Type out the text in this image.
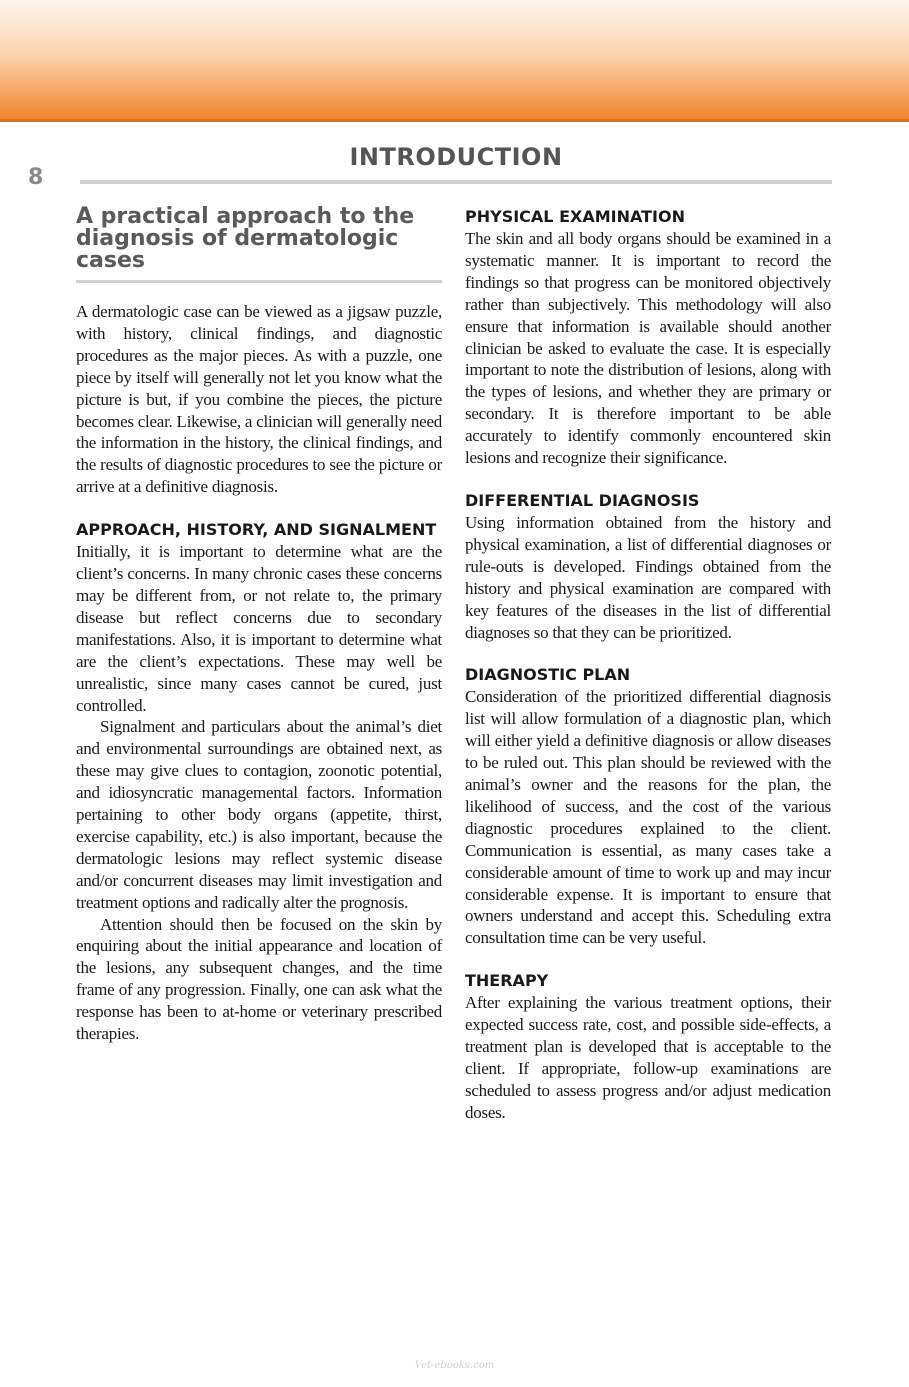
8
INTRODUCTION
A practical approach to the diagnosis of dermatologic cases

A dermatologic case can be viewed as a jigsaw puzzle, with history, clinical findings, and diagnostic procedures as the major pieces. As with a puzzle, one piece by itself will generally not let you know what the picture is but, if you combine the pieces, the picture becomes clear. Likewise, a clinician will generally need the information in the history, the clinical findings, and the results of diagnostic procedures to see the picture or arrive at a definitive diagnosis.

APPROACH, HISTORY, AND SIGNALMENT

Initially, it is important to determine what are the client’s concerns. In many chronic cases these concerns may be different from, or not relate to, the primary disease but reflect concerns due to secondary manifestations. Also, it is important to determine what are the client’s expectations. These may well be unrealistic, since many cases cannot be cured, just controlled.

Signalment and particulars about the animal’s diet and environmental surroundings are obtained next, as these may give clues to contagion, zoonotic potential, and idiosyncratic managemental factors. Information pertaining to other body organs (appetite, thirst, exercise capability, etc.) is also important, because the dermatologic lesions may reflect systemic disease and/or concurrent diseases may limit investigation and treatment options and radically alter the prognosis.

Attention should then be focused on the skin by enquiring about the initial appearance and location of the lesions, any subsequent changes, and the time frame of any progression. Finally, one can ask what the response has been to at-home or veterinary prescribed therapies.

PHYSICAL EXAMINATION

The skin and all body organs should be examined in a systematic manner. It is important to record the findings so that progress can be monitored objectively rather than subjectively. This methodology will also ensure that information is available should another clinician be asked to evaluate the case. It is especially important to note the distribution of lesions, along with the types of lesions, and whether they are primary or secondary. It is therefore important to be able accurately to identify commonly encountered skin lesions and recognize their significance.

DIFFERENTIAL DIAGNOSIS

Using information obtained from the history and physical examination, a list of differential diagnoses or rule-outs is developed. Findings obtained from the history and physical examination are compared with key features of the diseases in the list of differential diagnoses so that they can be prioritized.

DIAGNOSTIC PLAN

Consideration of the prioritized differential diagnosis list will allow formulation of a diagnostic plan, which will either yield a definitive diagnosis or allow diseases to be ruled out. This plan should be reviewed with the animal’s owner and the reasons for the plan, the likelihood of success, and the cost of the various diagnostic procedures explained to the client. Communication is essential, as many cases take a considerable amount of time to work up and may incur considerable expense. It is important to ensure that owners understand and accept this. Scheduling extra consultation time can be very useful.

THERAPY

After explaining the various treatment options, their expected success rate, cost, and possible side-effects, a treatment plan is developed that is acceptable to the client. If appropriate, follow-up examinations are scheduled to assess progress and/or adjust medication doses.

Vet-ebooks.com
